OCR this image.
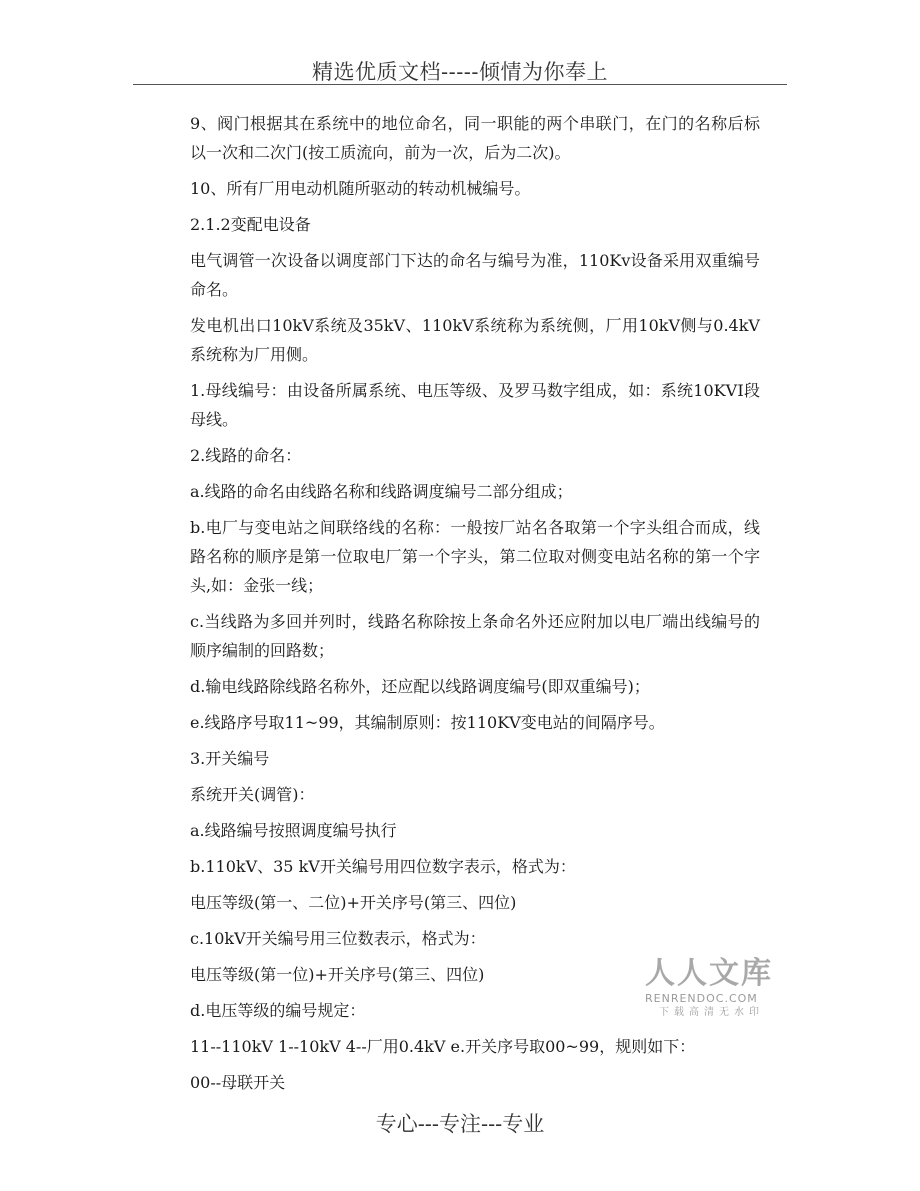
精选优质文档-----倾情为你奉上

9、阀门根据其在系统中的地位命名，同一职能的两个串联门，在门的名称后标以一次和二次门(按工质流向，前为一次，后为二次)。

10、所有厂用电动机随所驱动的转动机械编号。

2.1.2变配电设备

电气调管一次设备以调度部门下达的命名与编号为准，110Kv设备采用双重编号命名。

发电机出口10kV系统及35kV、110kV系统称为系统侧，厂用10kV侧与0.4kV系统称为厂用侧。

1.母线编号：由设备所属系统、电压等级、及罗马数字组成，如：系统10KVⅠ段母线。

2.线路的命名：

a.线路的命名由线路名称和线路调度编号二部分组成；

b.电厂与变电站之间联络线的名称：一般按厂站名各取第一个字头组合而成，线路名称的顺序是第一位取电厂第一个字头，第二位取对侧变电站名称的第一个字头,如：金张一线；

c.当线路为多回并列时，线路名称除按上条命名外还应附加以电厂端出线编号的顺序编制的回路数；

d.输电线路除线路名称外，还应配以线路调度编号(即双重编号)；

e.线路序号取11~99，其编制原则：按110KV变电站的间隔序号。

3.开关编号

系统开关(调管)：

a.线路编号按照调度编号执行

b.110kV、35 kV开关编号用四位数字表示，格式为：

电压等级(第一、二位)+开关序号(第三、四位)

c.10kV开关编号用三位数表示，格式为：

电压等级(第一位)+开关序号(第三、四位)

d.电压等级的编号规定：

11--110kV 1--10kV 4--厂用0.4kV e.开关序号取00~99，规则如下：

00--母联开关

人人文库
RENRENDOC.COM
下载高清无水印
专心---专注---专业
